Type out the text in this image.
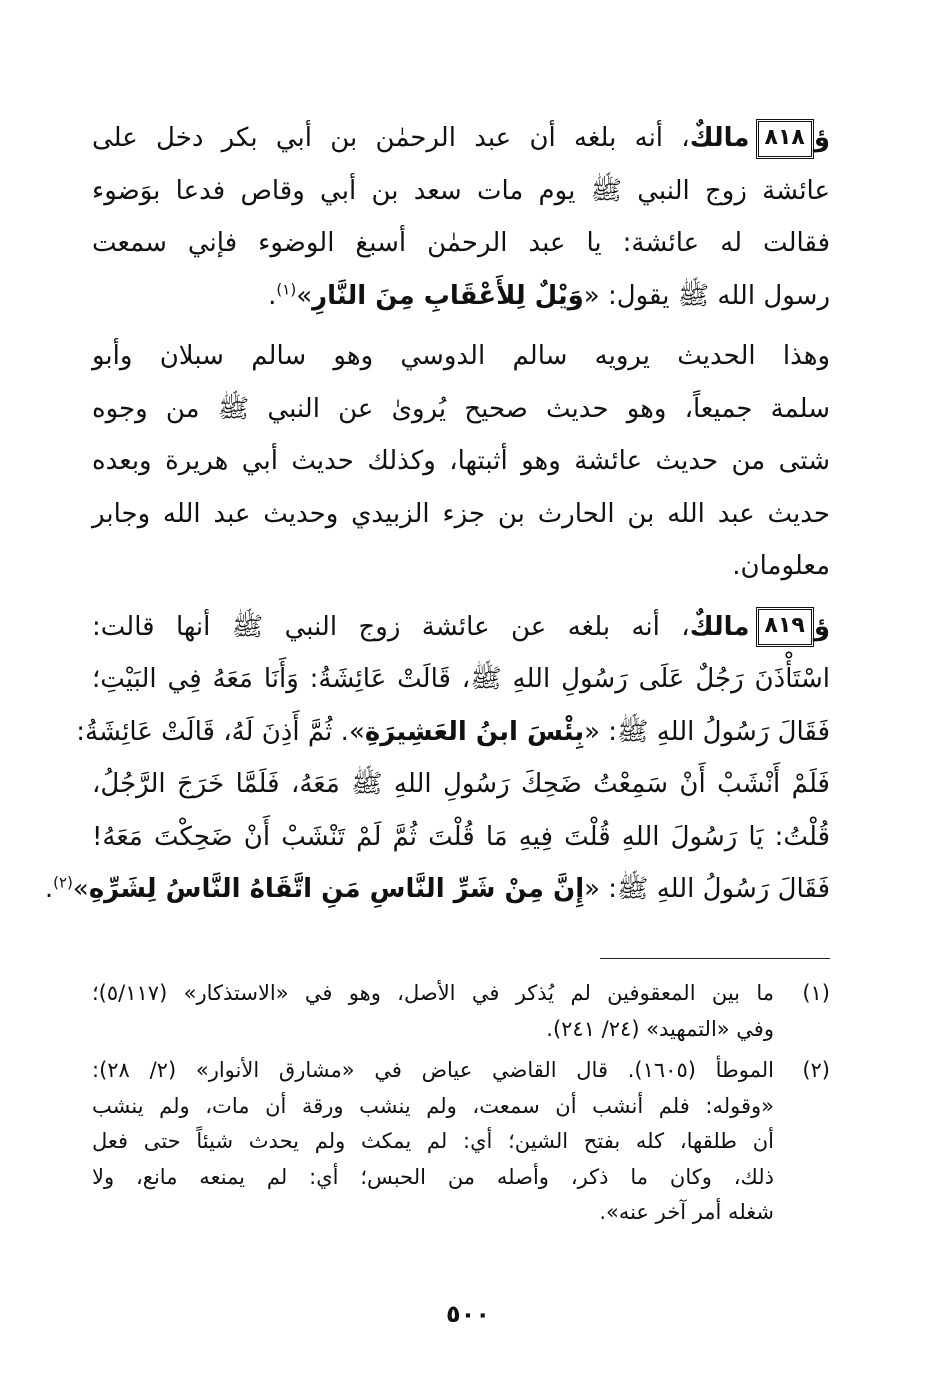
ؤ٨١٨مالكٌ، أنه بلغه أن عبد الرحمٰن بن أبي بكر دخل على
عائشة زوج النبي ﷺ يوم مات سعد بن أبي وقاص فدعا بوَضوء
فقالت له عائشة: يا عبد الرحمٰن أسبغ الوضوء فإني سمعت
رسول الله ﷺ يقول: «وَيْلٌ لِلأَعْقَابِ مِنَ النَّارِ»$^{(١)}$.
وهذا الحديث يرويه سالم الدوسي وهو سالم سبلان وأبو
سلمة جميعاً، وهو حديث صحيح يُروىٰ عن النبي ﷺ من وجوه
شتى من حديث عائشة وهو أثبتها، وكذلك حديث أبي هريرة وبعده
حديث عبد الله بن الحارث بن جزء الزبيدي وحديث عبد الله وجابر
معلومان.
ؤ٨١٩مالكٌ، أنه بلغه عن عائشة زوج النبي ﷺ أنها قالت:
اسْتَأْذَنَ رَجُلٌ عَلَى رَسُولِ اللهِ ﷺ، قَالَتْ عَائِشَةُ: وَأَنَا مَعَهُ فِي البَيْتِ؛
فَقَالَ رَسُولُ اللهِ ﷺ: «بِئْسَ ابنُ العَشِيرَةِ». ثُمَّ أَذِنَ لَهُ، قَالَتْ عَائِشَةُ:
فَلَمْ أَنْشَبْ أَنْ سَمِعْتُ ضَحِكَ رَسُولِ اللهِ ﷺ مَعَهُ، فَلَمَّا خَرَجَ الرَّجُلُ،
قُلْتُ: يَا رَسُولَ اللهِ قُلْتَ فِيهِ مَا قُلْتَ ثُمَّ لَمْ تَنْشَبْ أَنْ ضَحِكْتَ مَعَهُ!
فَقَالَ رَسُولُ اللهِ ﷺ: «إِنَّ مِنْ شَرِّ النَّاسِ مَنِ اتَّقَاهُ النَّاسُ لِشَرِّهِ»$^{(٢)}$.
(١)
ما بين المعقوفين لم يُذكر في الأصل، وهو في «الاستذكار» (٥/١١٧)؛
وفي «التمهيد» (٢٤/ ٢٤١).
(٢)
الموطأ (١٦٠٥). قال القاضي عياض في «مشارق الأنوار» (٢/ ٢٨):
«وقوله: فلم أنشب أن سمعت، ولم ينشب ورقة أن مات، ولم ينشب
أن طلقها، كله بفتح الشين؛ أي: لم يمكث ولم يحدث شيئاً حتى فعل
ذلك، وكان ما ذكر، وأصله من الحبس؛ أي: لم يمنعه مانع، ولا
شغله أمر آخر عنه».
٥٠٠
